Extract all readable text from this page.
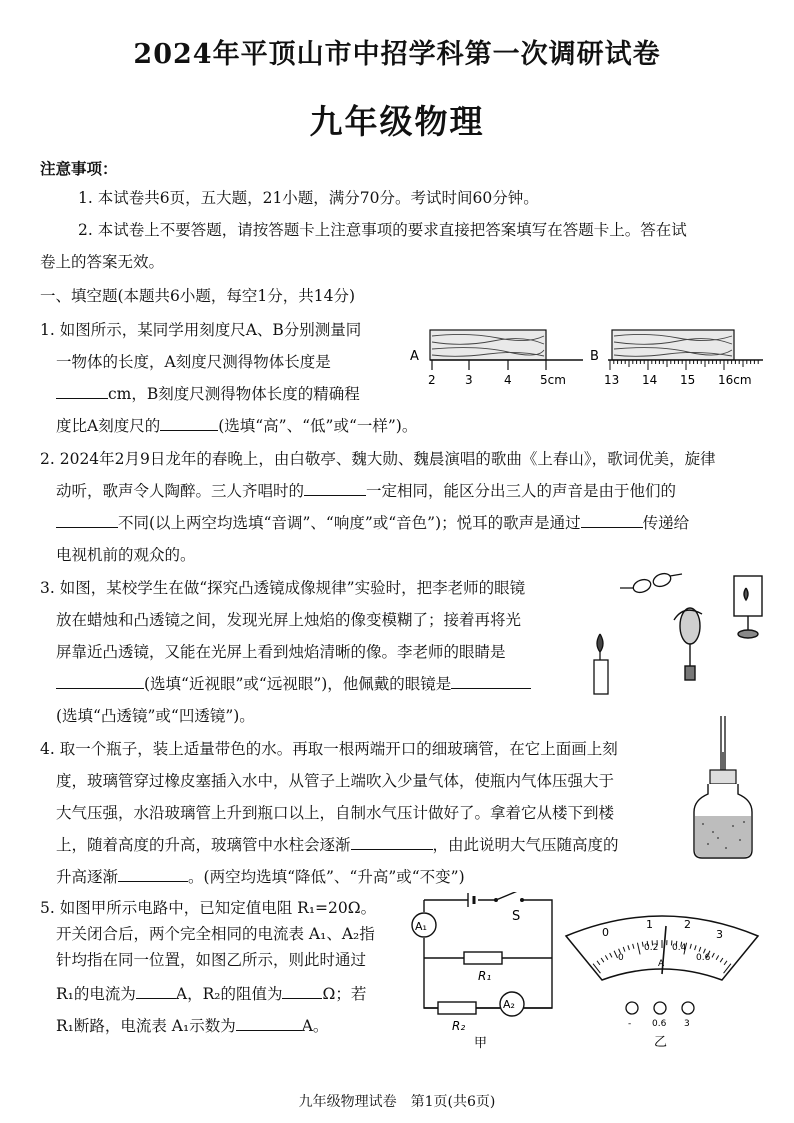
2024年平顶山市中招学科第一次调研试卷
九年级物理
注意事项：
1. 本试卷共6页，五大题，21小题，满分70分。考试时间60分钟。
2. 本试卷上不要答题，请按答题卡上注意事项的要求直接把答案填写在答题卡上。答在试
卷上的答案无效。
一、填空题(本题共6小题，每空1分，共14分)
1. 如图所示，某同学用刻度尺A、B分别测量同
一物体的长度，A刻度尺测得物体长度是
cm，B刻度尺测得物体长度的精确程
度比A刻度尺的	(选填“高”、“低”或“一样”)。
A
2 3	4 5cm
B
13 14 15 16cm
2. 2024年2月9日龙年的春晚上，由白敬亭、魏大勋、魏晨演唱的歌曲《上春山》，歌词优美，旋律
动听，歌声令人陶醉。三人齐唱时的	一定相同，能区分出三人的声音是由于他们的
不同(以上两空均选填“音调”、“响度”或“音色”)；悦耳的歌声是通过	传递给
电视机前的观众的。
3. 如图，某校学生在做“探究凸透镜成像规律”实验时，把李老师的眼镜
放在蜡烛和凸透镜之间，发现光屏上烛焰的像变模糊了；接着再将光
屏靠近凸透镜，又能在光屏上看到烛焰清晰的像。李老师的眼睛是
(选填“近视眼”或“远视眼”)，他佩戴的眼镜是
(选填“凸透镜”或“凹透镜”)。
4. 取一个瓶子，装上适量带色的水。再取一根两端开口的细玻璃管，在它上面画上刻
度，玻璃管穿过橡皮塞插入水中，从管子上端吹入少量气体，使瓶内气体压强大于
大气压强，水沿玻璃管上升到瓶口以上，自制水气压计做好了。拿着它从楼下到楼
上，随着高度的升高，玻璃管中水柱会逐渐	，由此说明大气压随高度的
升高逐渐	。(两空均选填“降低”、“升高”或“不变”)
5. 如图甲所示电路中，已知定值电阻 R₁=20Ω。
开关闭合后，两个完全相同的电流表 A₁、A₂指
针均指在同一位置，如图乙所示，则此时通过
R₁的电流为	A，R₂的阻值为	Ω；若
R₁断路，电流表 A₁示数为	A。
S
R₁
R₂
A₁
A₂
甲
0
1	2
3
0
0.2 0.4
0.6
A
- 0.6 3
乙
九年级物理试卷　第1页(共6页)
